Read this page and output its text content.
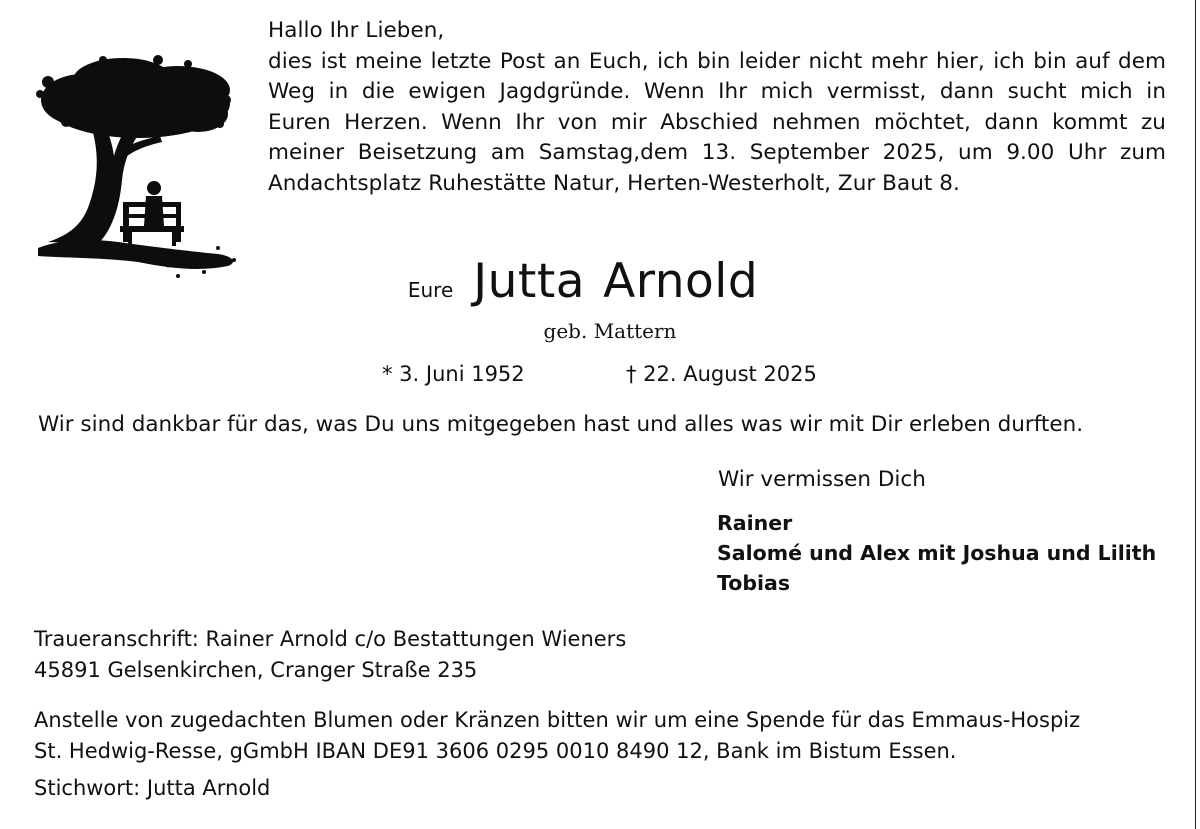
Hallo Ihr Lieben,
dies ist meine letzte Post an Euch, ich bin leider nicht mehr hier, ich bin auf dem
Weg in die ewigen Jagdgründe. Wenn Ihr mich vermisst, dann sucht mich in
Euren Herzen. Wenn Ihr von mir Abschied nehmen möchtet, dann kommt zu
meiner Beisetzung am Samstag,dem 13. September 2025, um 9.00 Uhr zum
Andachtsplatz Ruhestätte Natur, Herten-Westerholt, Zur Baut 8.
Eure Jutta Arnold
geb. Mattern
* 3. Juni 1952	† 22. August 2025
Wir sind dankbar für das, was Du uns mitgegeben hast und alles was wir mit Dir erleben durften.
Wir vermissen Dich
Rainer
Salomé und Alex mit Joshua und Lilith
Tobias
Traueranschrift: Rainer Arnold c/o Bestattungen Wieners
45891 Gelsenkirchen, Cranger Straße 235
Anstelle von zugedachten Blumen oder Kränzen bitten wir um eine Spende für das Emmaus-Hospiz
St. Hedwig-Resse, gGmbH IBAN DE91 3606 0295 0010 8490 12, Bank im Bistum Essen.
Stichwort: Jutta Arnold
